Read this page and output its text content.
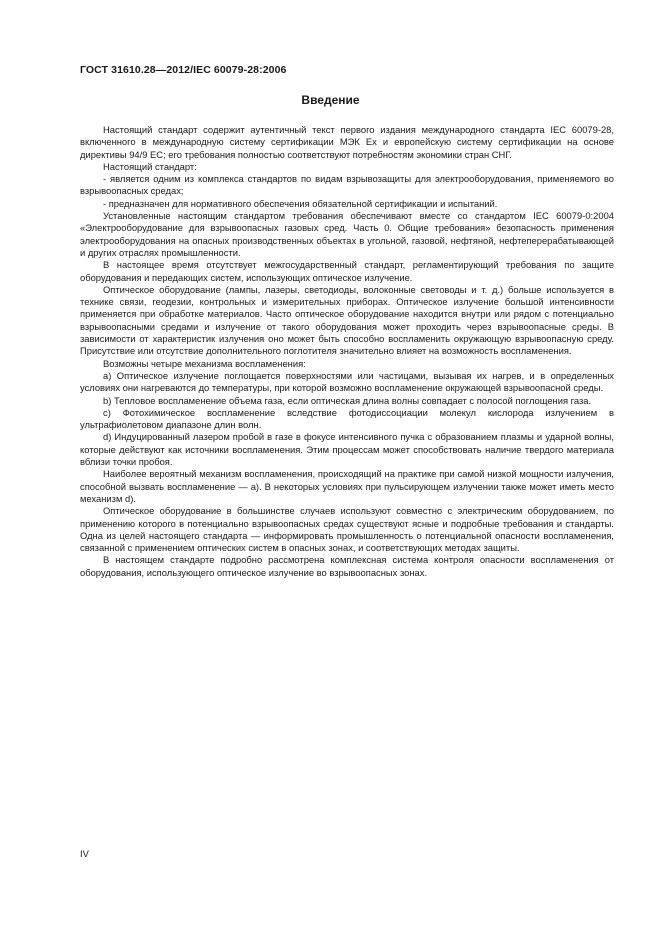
ГОСТ 31610.28—2012/IEC 60079-28:2006
Введение

Настоящий стандарт содержит аутентичный текст первого издания международного стандарта IEC 60079-28, включенного в международную систему сертификации МЭК Ex и европейскую систему сертификации на основе директивы 94/9 ЕС; его требования полностью соответствуют потребностям экономики стран СНГ.

Настоящий стандарт:

- является одним из комплекса стандартов по видам взрывозащиты для электрооборудования, применяемого во взрывоопасных средах;

- предназначен для нормативного обеспечения обязательной сертификации и испытаний.

Установленные настоящим стандартом требования обеспечивают вместе со стандартом IEC 60079-0:2004 «Электрооборудование для взрывоопасных газовых сред. Часть 0. Общие требования» безопасность применения электрооборудования на опасных производственных объектах в угольной, газовой, нефтяной, нефтеперерабатывающей и других отраслях промышленности.

В настоящее время отсутствует межгосударственный стандарт, регламентирующий требования по защите оборудования и передающих систем, использующих оптическое излучение.

Оптическое оборудование (лампы, лазеры, светодиоды, волоконные световоды и т. д.) больше используется в технике связи, геодезии, контрольных и измерительных приборах. Оптическое излучение большой интенсивности применяется при обработке материалов. Часто оптическое оборудование находится внутри или рядом с потенциально взрывоопасными средами и излучение от такого оборудования может проходить через взрывоопасные среды. В зависимости от характеристик излучения оно может быть способно воспламенить окружающую взрывоопасную среду. Присутствие или отсутствие дополнительного поглотителя значительно влияет на возможность воспламенения.

Возможны четыре механизма воспламенения:

а) Оптическое излучение поглощается поверхностями или частицами, вызывая их нагрев, и в определенных условиях они нагреваются до температуры, при которой возможно воспламенение окружающей взрывоопасной среды.

b) Тепловое воспламенение объема газа, если оптическая длина волны совпадает с полосой поглощения газа.

c) Фотохимическое воспламенение вследствие фотодиссоциации молекул кислорода излучением в ультрафиолетовом диапазоне длин волн.

d) Индуцированный лазером пробой в газе в фокусе интенсивного пучка с образованием плазмы и ударной волны, которые действуют как источники воспламенения. Этим процессам может способствовать наличие твердого материала вблизи точки пробоя.

Наиболее вероятный механизм воспламенения, происходящий на практике при самой низкой мощности излучения, способной вызвать воспламенение — а). В некоторых условиях при пульсирующем излучении также может иметь место механизм d).

Оптическое оборудование в большинстве случаев используют совместно с электрическим оборудованием, по применению которого в потенциально взрывоопасных средах существуют ясные и подробные требования и стандарты. Одна из целей настоящего стандарта — информировать промышленность о потенциальной опасности воспламенения, связанной с применением оптических систем в опасных зонах, и соответствующих методах защиты.

В настоящем стандарте подробно рассмотрена комплексная система контроля опасности воспламенения от оборудования, использующего оптическое излучение во взрывоопасных зонах.

IV
